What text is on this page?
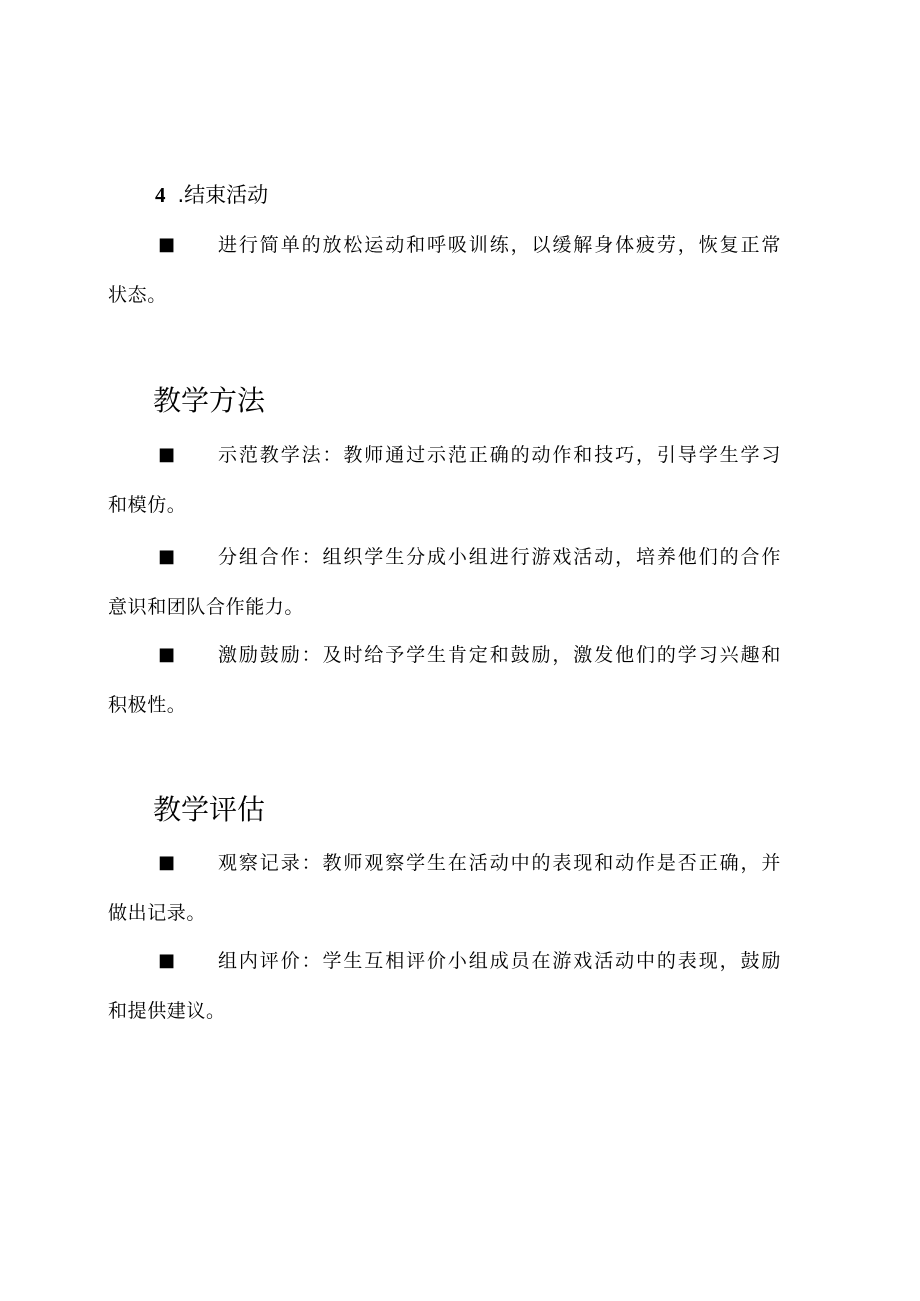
4 .结束活动
■ 进行简单的放松运动和呼吸训练，以缓解身体疲劳，恢复正常
状态。
教学方法
■ 示范教学法：教师通过示范正确的动作和技巧，引导学生学习
和模仿。
■ 分组合作：组织学生分成小组进行游戏活动，培养他们的合作
意识和团队合作能力。
■ 激励鼓励：及时给予学生肯定和鼓励，激发他们的学习兴趣和
积极性。
教学评估
■ 观察记录：教师观察学生在活动中的表现和动作是否正确，并
做出记录。
■ 组内评价：学生互相评价小组成员在游戏活动中的表现，鼓励
和提供建议。
